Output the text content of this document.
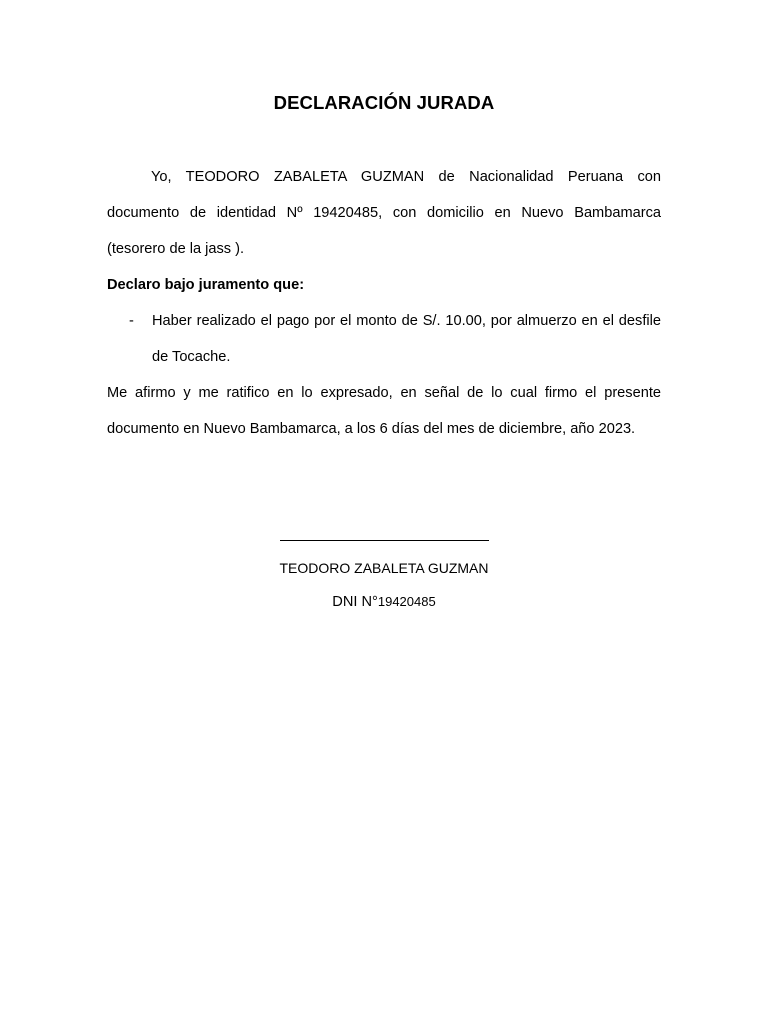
DECLARACIÓN JURADA

Yo, TEODORO ZABALETA GUZMAN de Nacionalidad Peruana con documento de identidad Nº 19420485, con domicilio en Nuevo Bambamarca (tesorero de la jass ).

Declaro bajo juramento que:

- Haber realizado el pago por el monto de S/. 10.00, por almuerzo en el desfile de Tocache.

Me afirmo y me ratifico en lo expresado, en señal de lo cual firmo el presente documento en Nuevo Bambamarca, a los 6 días del mes de diciembre, año 2023.

TEODORO ZABALETA GUZMAN
DNI N°19420485
